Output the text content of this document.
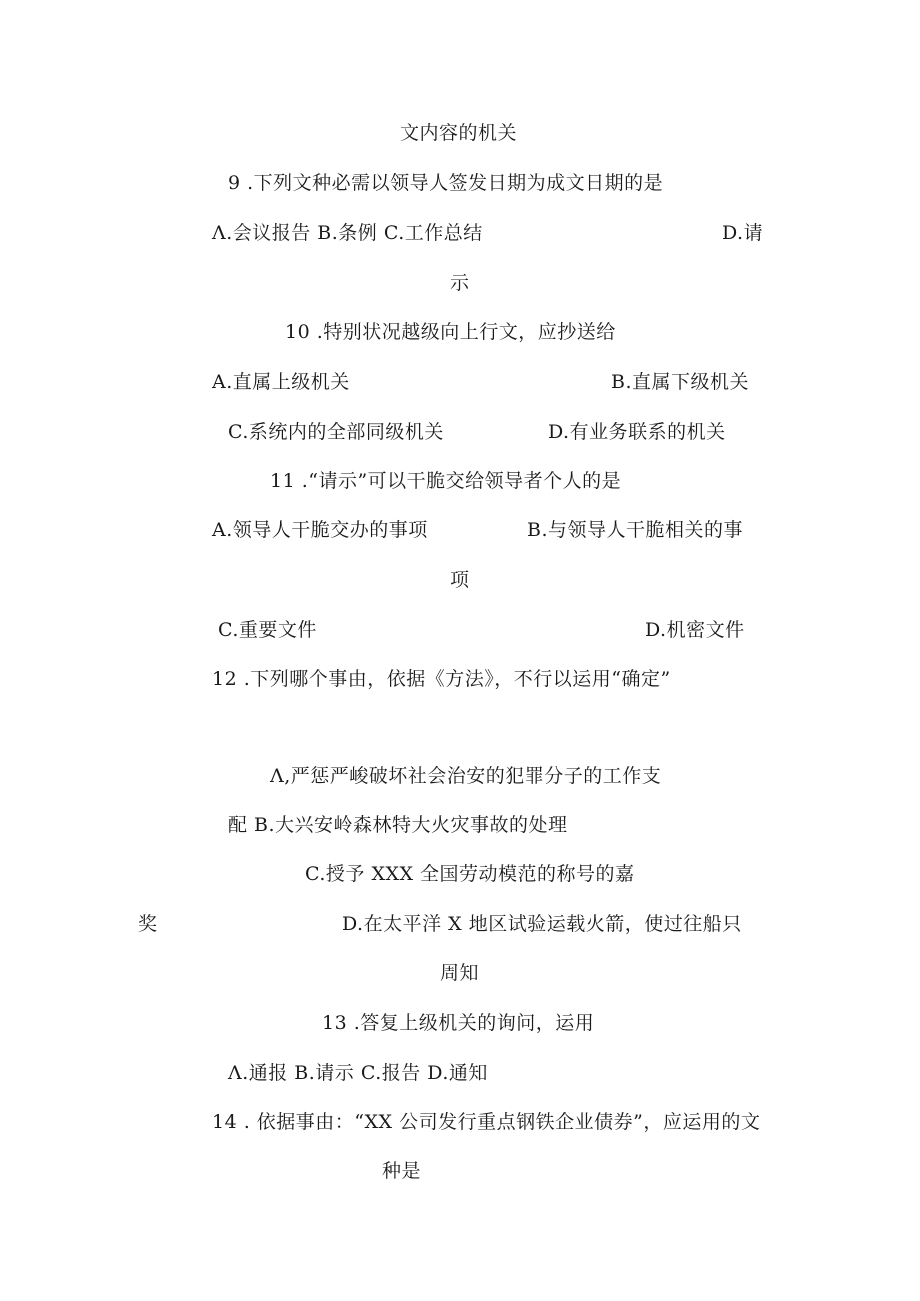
文内容的机关
9 .下列文种必需以领导人签发日期为成文日期的是
Λ.会议报告 B.条例 C.工作总结	D.请
示
10 .特别状况越级向上行文，应抄送给
A.直属上级机关	B.直属下级机关
C.系统内的全部同级机关	D.有业务联系的机关
11 .“请示”可以干脆交给领导者个人的是
A.领导人干脆交办的事项	B.与领导人干脆相关的事
项
C.重要文件	D.机密文件
12 .下列哪个事由，依据《方法》，不行以运用“确定”
Λ,严惩严峻破坏社会治安的犯罪分子的工作支
配 B.大兴安岭森林特大火灾事故的处理
C.授予 XXX 全国劳动模范的称号的嘉
奖	D.在太平洋 X 地区试验运载火箭，使过往船只
周知
13 .答复上级机关的询问，运用
Λ.通报 B.请示 C.报告 D.通知
14 . 依据事由：“XX 公司发行重点钢铁企业债券”，应运用的文
种是
